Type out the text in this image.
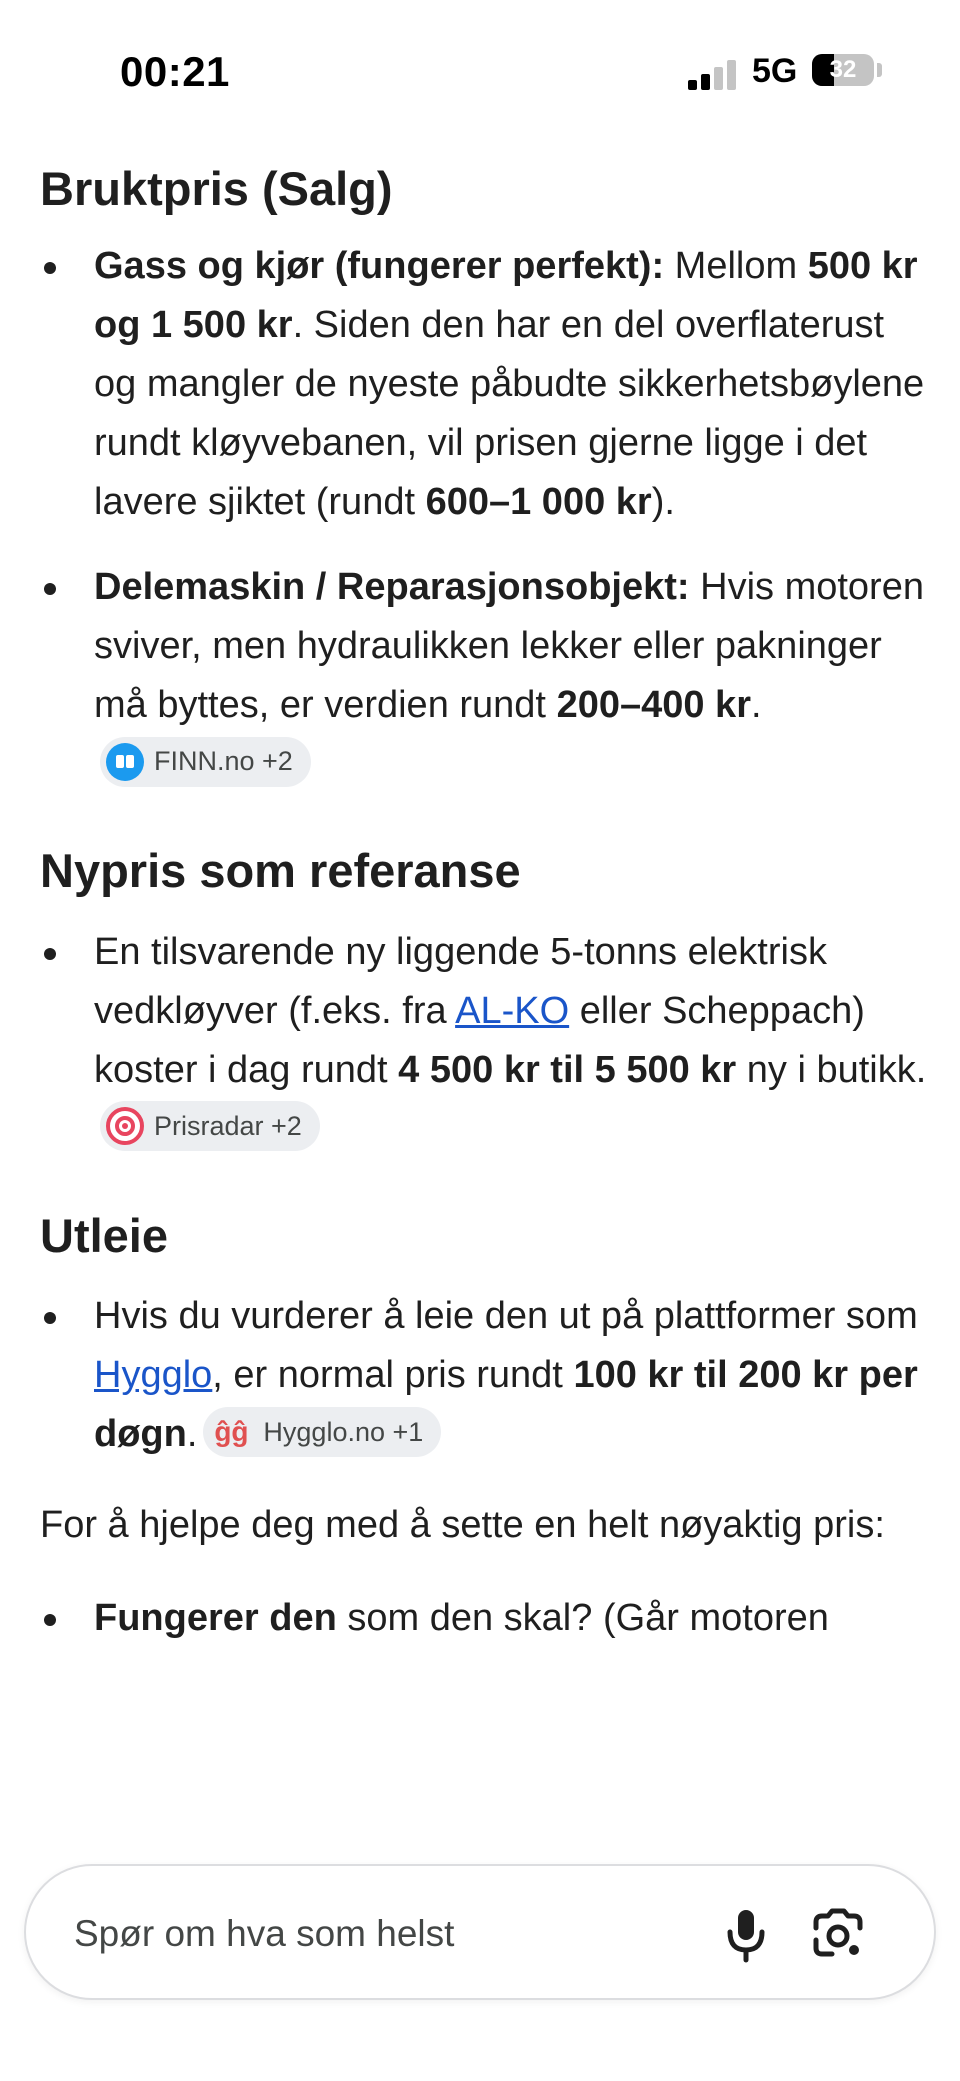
00:21	5G	32
Bruktpris (Salg)
Gass og kjør (fungerer perfekt): Mellom 500 kr og 1 500 kr. Siden den har en del overflaterust og mangler de nyeste påbudte sikkerhetsbøylene rundt kløyvebanen, vil prisen gjerne ligge i det lavere sjiktet (rundt 600–1 000 kr).
Delemaskin / Reparasjonsobjekt: Hvis motoren sviver, men hydraulikken lekker eller pakninger må byttes, er verdien rundt 200–400 kr.
FINN.no +2
Nypris som referanse
En tilsvarende ny liggende 5-tonns elektrisk vedkløyver (f.eks. fra AL-KO eller Scheppach) koster i dag rundt 4 500 kr til 5 500 kr ny i butikk.
Prisradar +2
Utleie
Hvis du vurderer å leie den ut på plattformer som Hygglo, er normal pris rundt 100 kr til 200 kr per døgn. ĝĝ Hygglo.no +1

For å hjelpe deg med å sette en helt nøyaktig pris:

Fungerer den som den skal? (Går motoren
Spør om hva som helst
